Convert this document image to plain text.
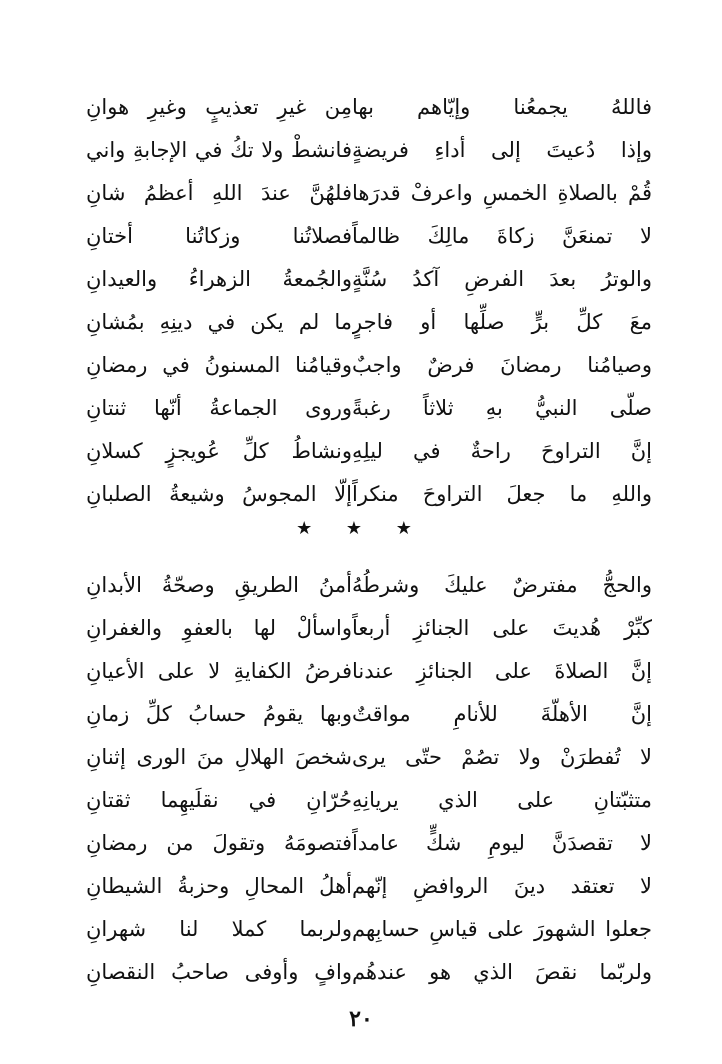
فاللهُ يجمعُنا وإيّاهم بها
مِن غيرِ تعذيبٍ وغيرِ هوانِ
وإذا دُعيتَ إلى أداءِ فريضةٍ
فانشطْ ولا تكُ في الإجابةِ واني
قُمْ بالصلاةِ الخمسِ واعرفْ قدرَها
فلهُنَّ عندَ اللهِ أعظمُ شانِ
لا تمنعَنَّ زكاةَ مالِكَ ظالماً
فصلاتُنا وزكاتُنا أختانِ
والوترُ بعدَ الفرضِ آكدُ سُنَّةٍ
والجُمعةُ الزهراءُ والعيدانِ
معَ كلِّ برٍّ صلِّها أو فاجرٍ
ما لم يكن في دينِهِ بمُشانِ
وصيامُنا رمضانَ فرضٌ واجبٌ
وقيامُنا المسنونُ في رمضانِ
صلّى النبيُّ بهِ ثلاثاً رغبةً
وروى الجماعةُ أنّها ثنتانِ
إنَّ التراوحَ راحةٌ في ليلِهِ
ونشاطُ كلِّ عُويجزٍ كسلانِ
واللهِ ما جعلَ التراوحَ منكراً
إلّا المجوسُ وشيعةُ الصلبانِ
★ ★ ★
والحجُّ مفترضٌ عليكَ وشرطُهُ
أمنُ الطريقِ وصحّةُ الأبدانِ
كبِّرْ هُديتَ على الجنائزِ أربعاً
واسألْ لها بالعفوِ والغفرانِ
إنَّ الصلاةَ على الجنائزِ عندنا
فرضُ الكفايةِ لا على الأعيانِ
إنَّ الأهلّةَ للأنامِ مواقتٌ
وبها يقومُ حسابُ كلِّ زمانِ
لا تُفطرَنْ ولا تصُمْ حتّى يرى
شخصَ الهلالِ منَ الورى إثنانِ
متثبّتانِ على الذي يريانِهِ
حُرّانِ في نقلَيهِما ثقتانِ
لا تقصدَنَّ ليومِ شكٍّ عامداً
فتصومَهُ وتقولَ من رمضانِ
لا تعتقد دينَ الروافضِ إنّهم
أهلُ المحالِ وحزبةُ الشيطانِ
جعلوا الشهورَ على قياسِ حسابِهم
ولربما كملا لنا شهرانِ
ولربّما نقصَ الذي هو عندهُم
وافٍ وأوفى صاحبُ النقصانِ
٢٠
